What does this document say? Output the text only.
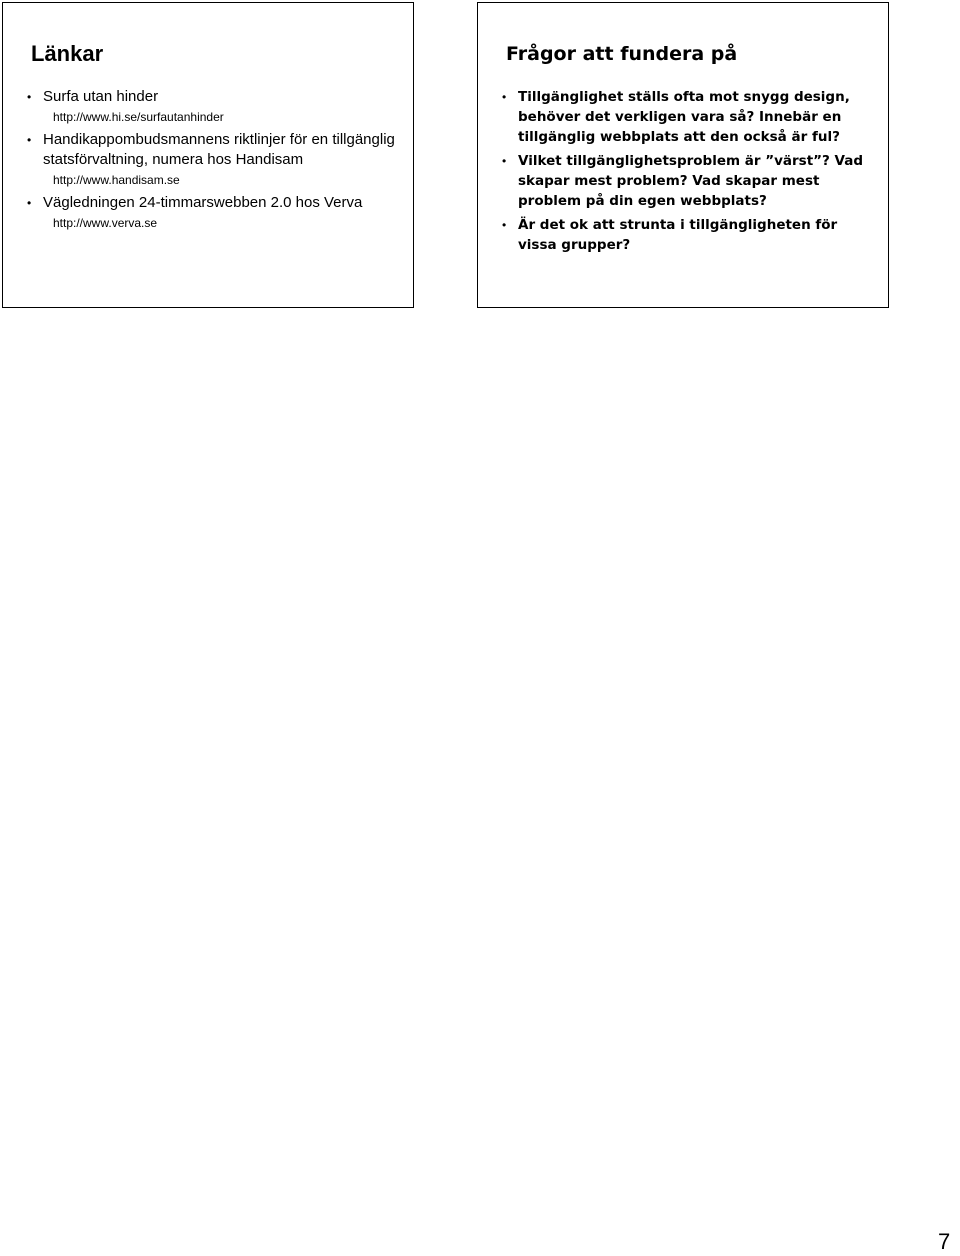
Länkar
• Surfa utan hinder
http://www.hi.se/surfautanhinder
• Handikappombudsmannens riktlinjer för en tillgänglig statsförvaltning, numera hos Handisam
http://www.handisam.se
• Vägledningen 24-timmarswebben 2.0 hos Verva
http://www.verva.se
Frågor att fundera på
• Tillgänglighet ställs ofta mot snygg design, behöver det verkligen vara så? Innebär en tillgänglig webbplats att den också är ful?
• Vilket tillgänglighetsproblem är ”värst”? Vad skapar mest problem? Vad skapar mest problem på din egen webbplats?
• Är det ok att strunta i tillgängligheten för vissa grupper?
7
